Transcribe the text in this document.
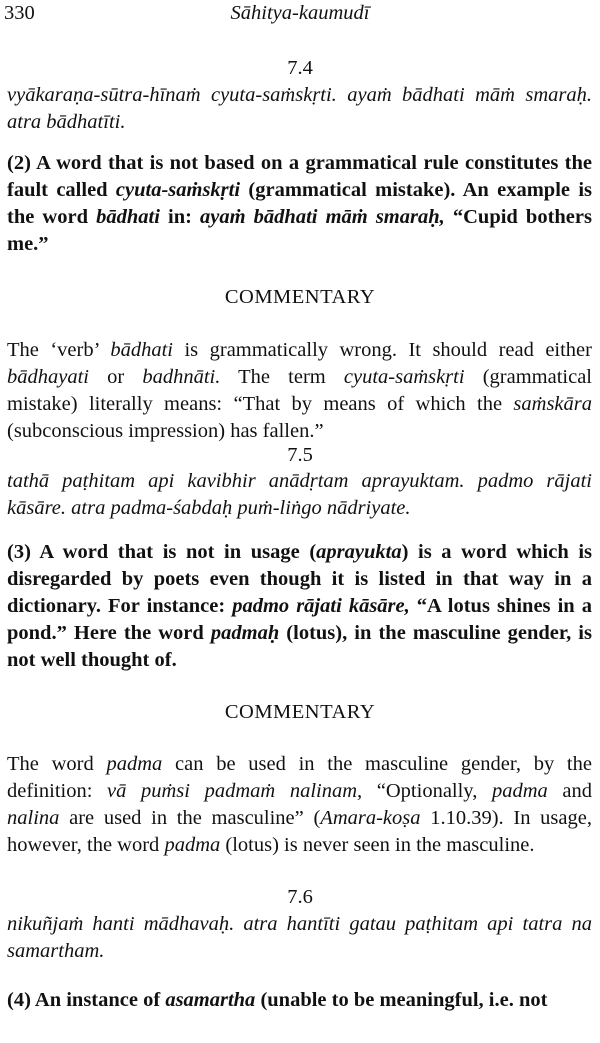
330	Sāhitya-kaumudī
7.4
vyākaraṇa-sūtra-hīnaṁ cyuta-saṁskṛti. ayaṁ bādhati māṁ smaraḥ.
atra bādhatīti.
(2) A word that is not based on a grammatical rule constitutes the
fault called cyuta-saṁskṛti (grammatical mistake). An example is
the word bādhati in: ayaṁ bādhati māṁ smaraḥ, “Cupid bothers
me.”
COMMENTARY
The ‘verb’ bādhati is grammatically wrong. It should read either
bādhayati or badhnāti. The term cyuta-saṁskṛti (grammatical
mistake) literally means: “That by means of which the saṁskāra
(subconscious impression) has fallen.”
7.5
tathā paṭhitam api kavibhir anādṛtam aprayuktam. padmo rājati
kāsāre. atra padma-śabdaḥ puṁ-liṅgo nādriyate.
(3) A word that is not in usage (aprayukta) is a word which is
disregarded by poets even though it is listed in that way in a
dictionary. For instance: padmo rājati kāsāre, “A lotus shines in a
pond.” Here the word padmaḥ (lotus), in the masculine gender, is
not well thought of.
COMMENTARY
The word padma can be used in the masculine gender, by the
definition: vā puṁsi padmaṁ nalinam, “Optionally, padma and
nalina are used in the masculine” (Amara-koṣa 1.10.39). In usage,
however, the word padma (lotus) is never seen in the masculine.
7.6
nikuñjaṁ hanti mādhavaḥ. atra hantīti gatau paṭhitam api tatra na
samartham.
(4) An instance of asamartha (unable to be meaningful, i.e. not
